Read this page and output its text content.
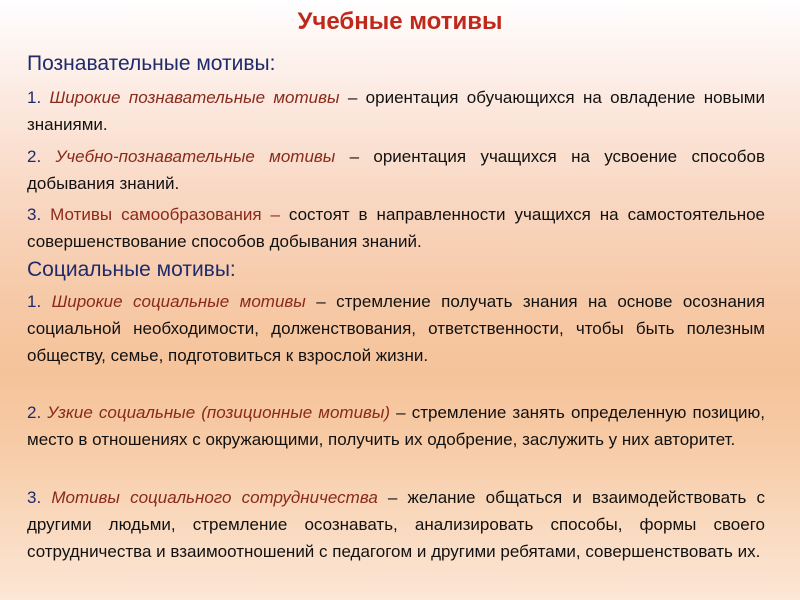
Учебные мотивы
Познавательные мотивы:
1. Широкие познавательные мотивы – ориентация обучающихся на овладение новыми знаниями.
2. Учебно-познавательные мотивы – ориентация учащихся на усвоение способов добывания знаний.
3. Мотивы самообразования – состоят в направленности учащихся на самостоятельное совершенствование способов добывания знаний.
Социальные мотивы:
1. Широкие социальные мотивы – стремление получать знания на основе осознания социальной необходимости, долженствования, ответственности, чтобы быть полезным обществу, семье, подготовиться к взрослой жизни.
2. Узкие социальные (позиционные мотивы) – стремление занять определенную позицию, место в отношениях с окружающими, получить их одобрение, заслужить у них авторитет.
3. Мотивы социального сотрудничества – желание общаться и взаимодействовать с другими людьми, стремление осознавать, анализировать способы, формы своего сотрудничества и взаимоотношений с педагогом и другими ребятами, совершенствовать их.
